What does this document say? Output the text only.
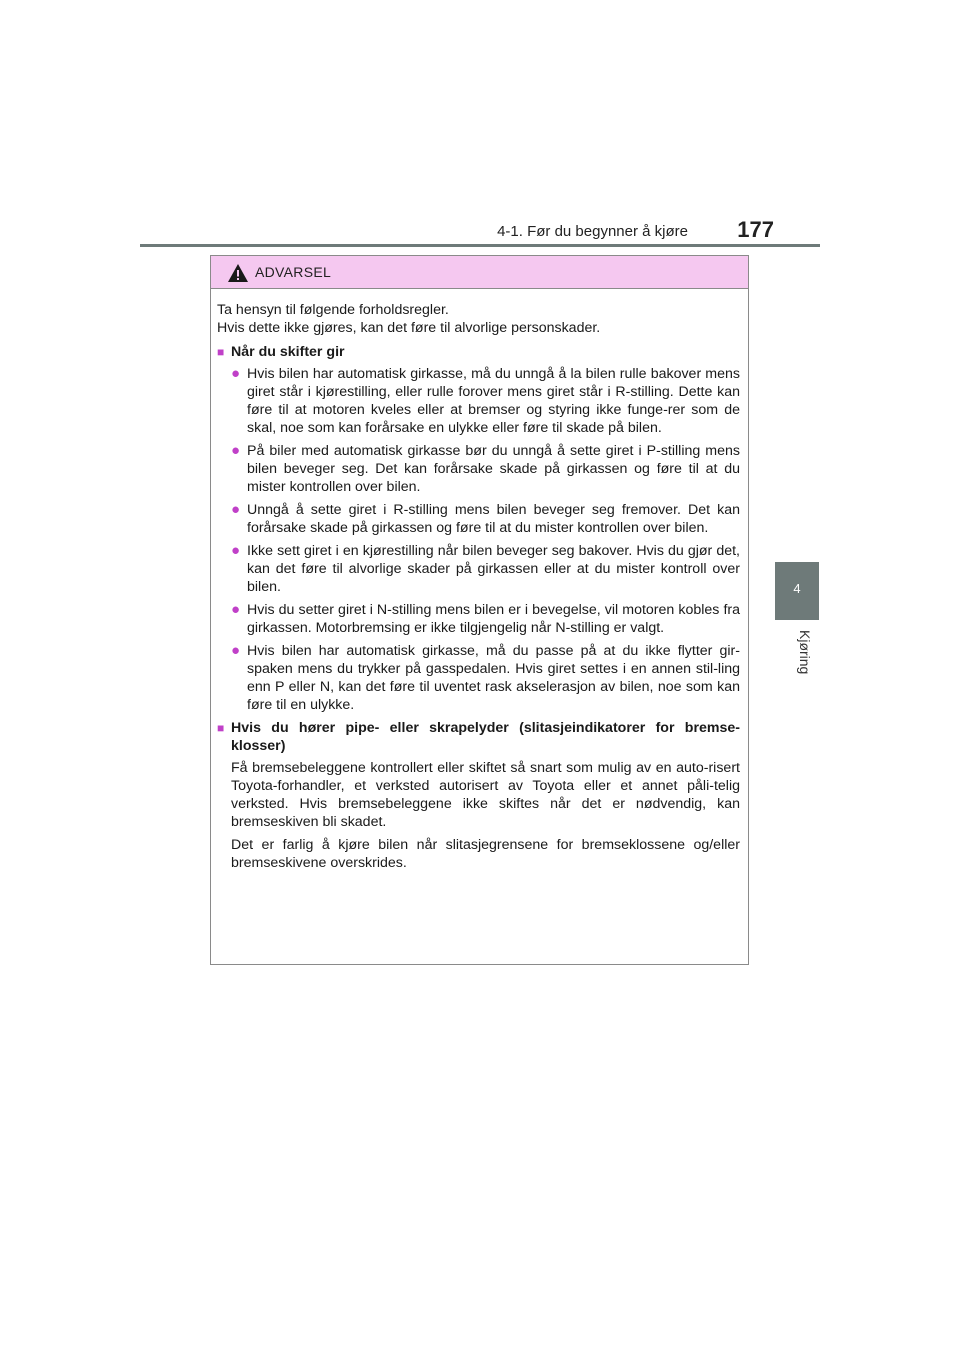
4-1. Før du begynner å kjøre 177
4
Kjøring
ADVARSEL
Ta hensyn til følgende forholdsregler.
Hvis dette ikke gjøres, kan det føre til alvorlige personskader.
■ Når du skifter gir
● Hvis bilen har automatisk girkasse, må du unngå å la bilen rulle bakover mens giret står i kjørestilling, eller rulle forover mens giret står i R-stilling. Dette kan føre til at motoren kveles eller at bremser og styring ikke funge-rer som de skal, noe som kan forårsake en ulykke eller føre til skade på bilen.
● På biler med automatisk girkasse bør du unngå å sette giret i P-stilling mens bilen beveger seg. Det kan forårsake skade på girkassen og føre til at du mister kontrollen over bilen.
● Unngå å sette giret i R-stilling mens bilen beveger seg fremover. Det kan forårsake skade på girkassen og føre til at du mister kontrollen over bilen.
● Ikke sett giret i en kjørestilling når bilen beveger seg bakover. Hvis du gjør det, kan det føre til alvorlige skader på girkassen eller at du mister kontroll over bilen.
● Hvis du setter giret i N-stilling mens bilen er i bevegelse, vil motoren kobles fra girkassen. Motorbremsing er ikke tilgjengelig når N-stilling er valgt.
● Hvis bilen har automatisk girkasse, må du passe på at du ikke flytter gir-spaken mens du trykker på gasspedalen. Hvis giret settes i en annen stil-ling enn P eller N, kan det føre til uventet rask akselerasjon av bilen, noe som kan føre til en ulykke.
■ Hvis du hører pipe- eller skrapelyder (slitasjeindikatorer for bremse-klosser)
Få bremsebeleggene kontrollert eller skiftet så snart som mulig av en auto-risert Toyota-forhandler, et verksted autorisert av Toyota eller et annet påli-telig verksted. Hvis bremsebeleggene ikke skiftes når det er nødvendig, kan bremseskiven bli skadet.
Det er farlig å kjøre bilen når slitasjegrensene for bremseklossene og/eller bremseskivene overskrides.
